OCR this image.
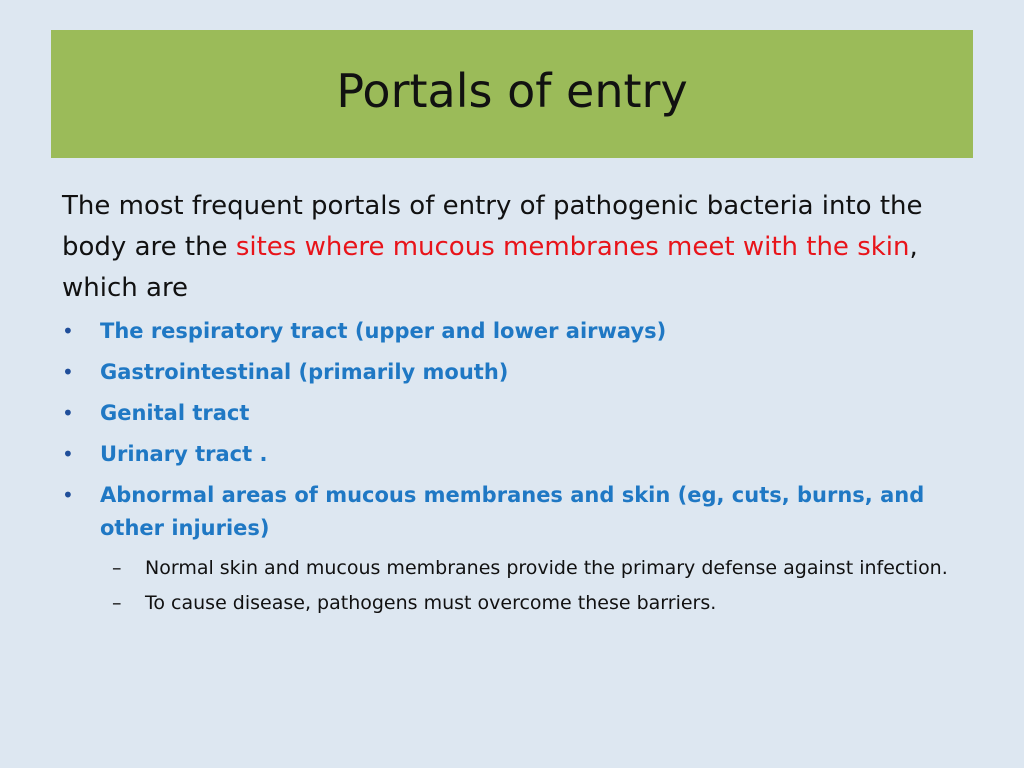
Portals of entry

The most frequent portals of entry of pathogenic bacteria into the body are the sites where mucous membranes meet with the skin, which are

• The respiratory tract (upper and lower airways)
• Gastrointestinal (primarily mouth)
• Genital tract
• Urinary tract .
• Abnormal areas of mucous membranes and skin (eg, cuts, burns, and other injuries)
– Normal skin and mucous membranes provide the primary defense against infection.
– To cause disease, pathogens must overcome these barriers.
